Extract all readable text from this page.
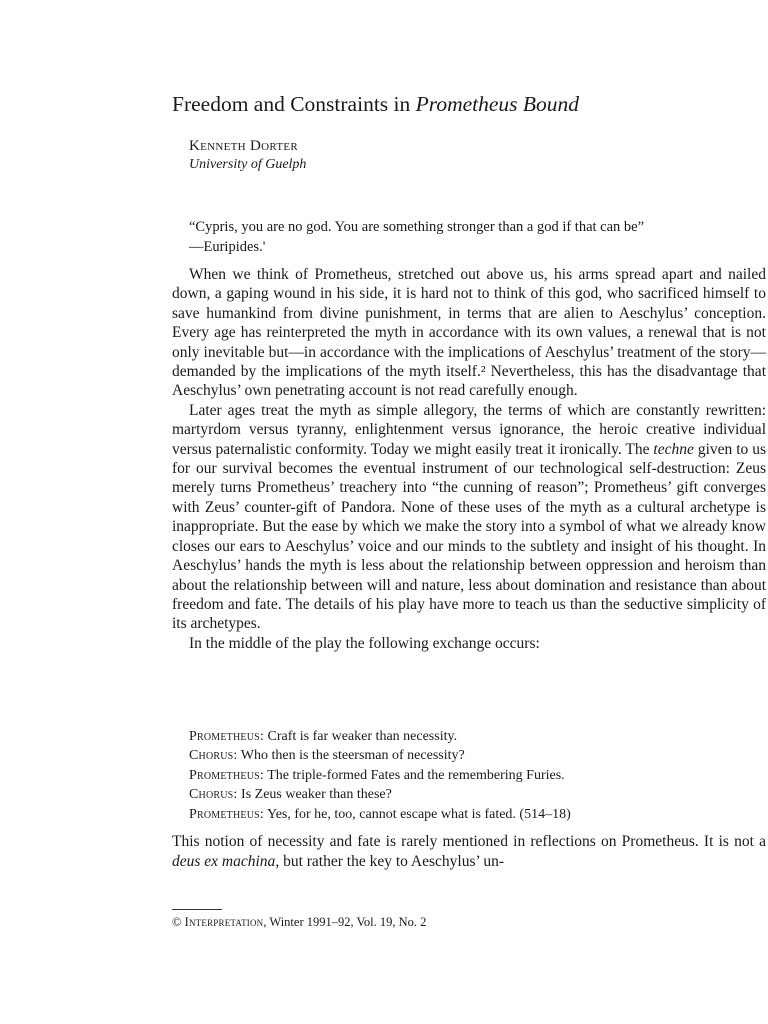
Freedom and Constraints in Prometheus Bound
Kenneth Dorter
University of Guelph
“Cypris, you are no god. You are something stronger than a god if that can be”
—Euripides.'

When we think of Prometheus, stretched out above us, his arms spread apart and nailed down, a gaping wound in his side, it is hard not to think of this god, who sacrificed himself to save humankind from divine punishment, in terms that are alien to Aeschylus’ conception. Every age has reinterpreted the myth in accordance with its own values, a renewal that is not only inevitable but—in accordance with the implications of Aeschylus’ treatment of the story—demanded by the implications of the myth itself.² Nevertheless, this has the disadvantage that Aeschylus’ own penetrating account is not read carefully enough.

Later ages treat the myth as simple allegory, the terms of which are constantly rewritten: martyrdom versus tyranny, enlightenment versus ignorance, the heroic creative individual versus paternalistic conformity. Today we might easily treat it ironically. The techne given to us for our survival becomes the eventual instrument of our technological self-destruction: Zeus merely turns Prometheus’ treachery into “the cunning of reason”; Prometheus’ gift converges with Zeus’ counter-gift of Pandora. None of these uses of the myth as a cultural archetype is inappropriate. But the ease by which we make the story into a symbol of what we already know closes our ears to Aeschylus’ voice and our minds to the subtlety and insight of his thought. In Aeschylus’ hands the myth is less about the relationship between oppression and heroism than about the relationship between will and nature, less about domination and resistance than about freedom and fate. The details of his play have more to teach us than the seductive simplicity of its archetypes.

In the middle of the play the following exchange occurs:

Prometheus: Craft is far weaker than necessity.
Chorus: Who then is the steersman of necessity?
Prometheus: The triple-formed Fates and the remembering Furies.
Chorus: Is Zeus weaker than these?
Prometheus: Yes, for he, too, cannot escape what is fated. (514–18)
This notion of necessity and fate is rarely mentioned in reflections on Prometheus. It is not a deus ex machina, but rather the key to Aeschylus’ un-
© Interpretation, Winter 1991–92, Vol. 19, No. 2
